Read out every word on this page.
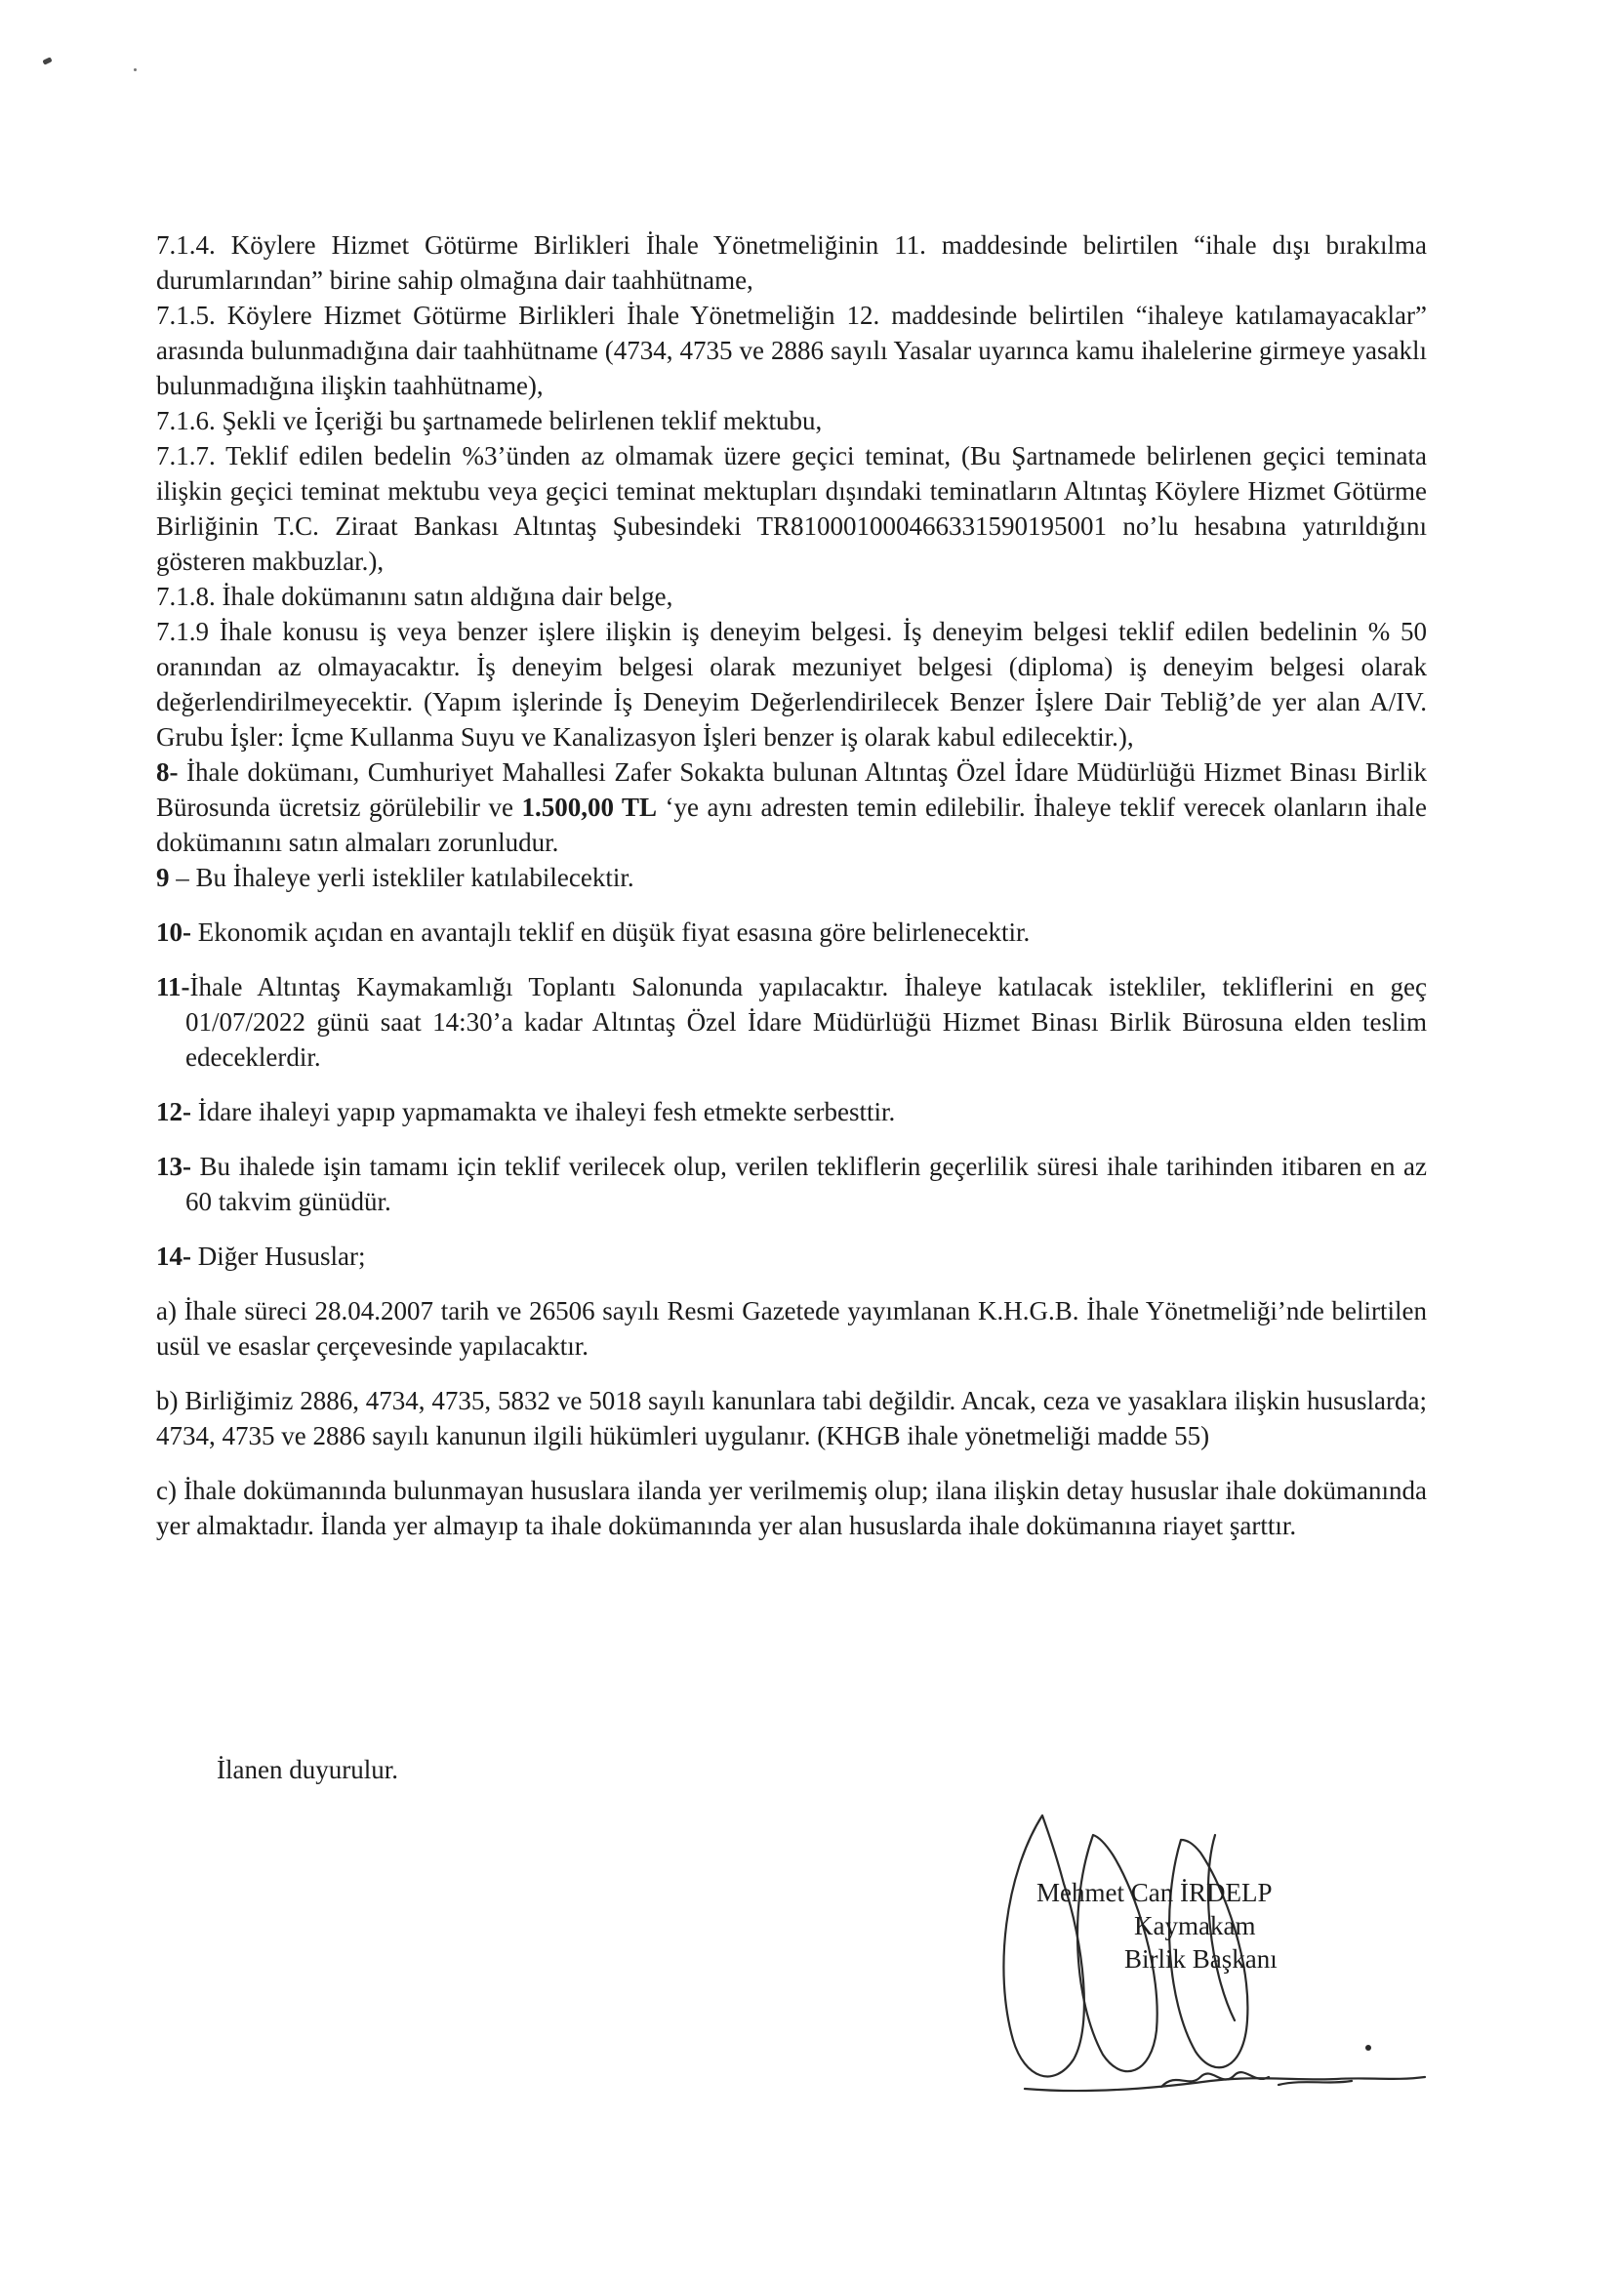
7.1.4. Köylere Hizmet Götürme Birlikleri İhale Yönetmeliğinin 11. maddesinde belirtilen “ihale dışı bırakılma durumlarından” birine sahip olmağına dair taahhütname,

7.1.5. Köylere Hizmet Götürme Birlikleri İhale Yönetmeliğin 12. maddesinde belirtilen “ihaleye katılamayacaklar” arasında bulunmadığına dair taahhütname (4734, 4735 ve 2886 sayılı Yasalar uyarınca kamu ihalelerine girmeye yasaklı bulunmadığına ilişkin taahhütname),

7.1.6. Şekli ve İçeriği bu şartnamede belirlenen teklif mektubu,

7.1.7. Teklif edilen bedelin %3’ünden az olmamak üzere geçici teminat, (Bu Şartnamede belirlenen geçici teminata ilişkin geçici teminat mektubu veya geçici teminat mektupları dışındaki teminatların Altıntaş Köylere Hizmet Götürme Birliğinin T.C. Ziraat Bankası Altıntaş Şubesindeki TR810001000466331590195001 no’lu hesabına yatırıldığını gösteren makbuzlar.),

7.1.8. İhale dokümanını satın aldığına dair belge,

7.1.9 İhale konusu iş veya benzer işlere ilişkin iş deneyim belgesi. İş deneyim belgesi teklif edilen bedelinin % 50 oranından az olmayacaktır. İş deneyim belgesi olarak mezuniyet belgesi (diploma) iş deneyim belgesi olarak değerlendirilmeyecektir. (Yapım işlerinde İş Deneyim Değerlendirilecek Benzer İşlere Dair Tebliğ’de yer alan A/IV. Grubu İşler: İçme Kullanma Suyu ve Kanalizasyon İşleri benzer iş olarak kabul edilecektir.),

8- İhale dokümanı, Cumhuriyet Mahallesi Zafer Sokakta bulunan Altıntaş Özel İdare Müdürlüğü Hizmet Binası Birlik Bürosunda ücretsiz görülebilir ve 1.500,00 TL ‘ye aynı adresten temin edilebilir. İhaleye teklif verecek olanların ihale dokümanını satın almaları zorunludur.

9 – Bu İhaleye yerli istekliler katılabilecektir.

10- Ekonomik açıdan en avantajlı teklif en düşük fiyat esasına göre belirlenecektir.

11-İhale Altıntaş Kaymakamlığı Toplantı Salonunda yapılacaktır. İhaleye katılacak istekliler, tekliflerini en geç 01/07/2022 günü saat 14:30’a kadar Altıntaş Özel İdare Müdürlüğü Hizmet Binası Birlik Bürosuna elden teslim edeceklerdir.

12- İdare ihaleyi yapıp yapmamakta ve ihaleyi fesh etmekte serbesttir.

13- Bu ihalede işin tamamı için teklif verilecek olup, verilen tekliflerin geçerlilik süresi ihale tarihinden itibaren en az 60 takvim günüdür.

14- Diğer Hususlar;

a) İhale süreci 28.04.2007 tarih ve 26506 sayılı Resmi Gazetede yayımlanan K.H.G.B. İhale Yönetmeliği’nde belirtilen usül ve esaslar çerçevesinde yapılacaktır.

b) Birliğimiz 2886, 4734, 4735, 5832 ve 5018 sayılı kanunlara tabi değildir. Ancak, ceza ve yasaklara ilişkin hususlarda; 4734, 4735 ve 2886 sayılı kanunun ilgili hükümleri uygulanır. (KHGB ihale yönetmeliği madde 55)

c) İhale dokümanında bulunmayan hususlara ilanda yer verilmemiş olup; ilana ilişkin detay hususlar ihale dokümanında yer almaktadır. İlanda yer almayıp ta ihale dokümanında yer alan hususlarda ihale dokümanına riayet şarttır.

İlanen duyurulur.
Mehmet Can İRDELP
Kaymakam
Birlik Başkanı
